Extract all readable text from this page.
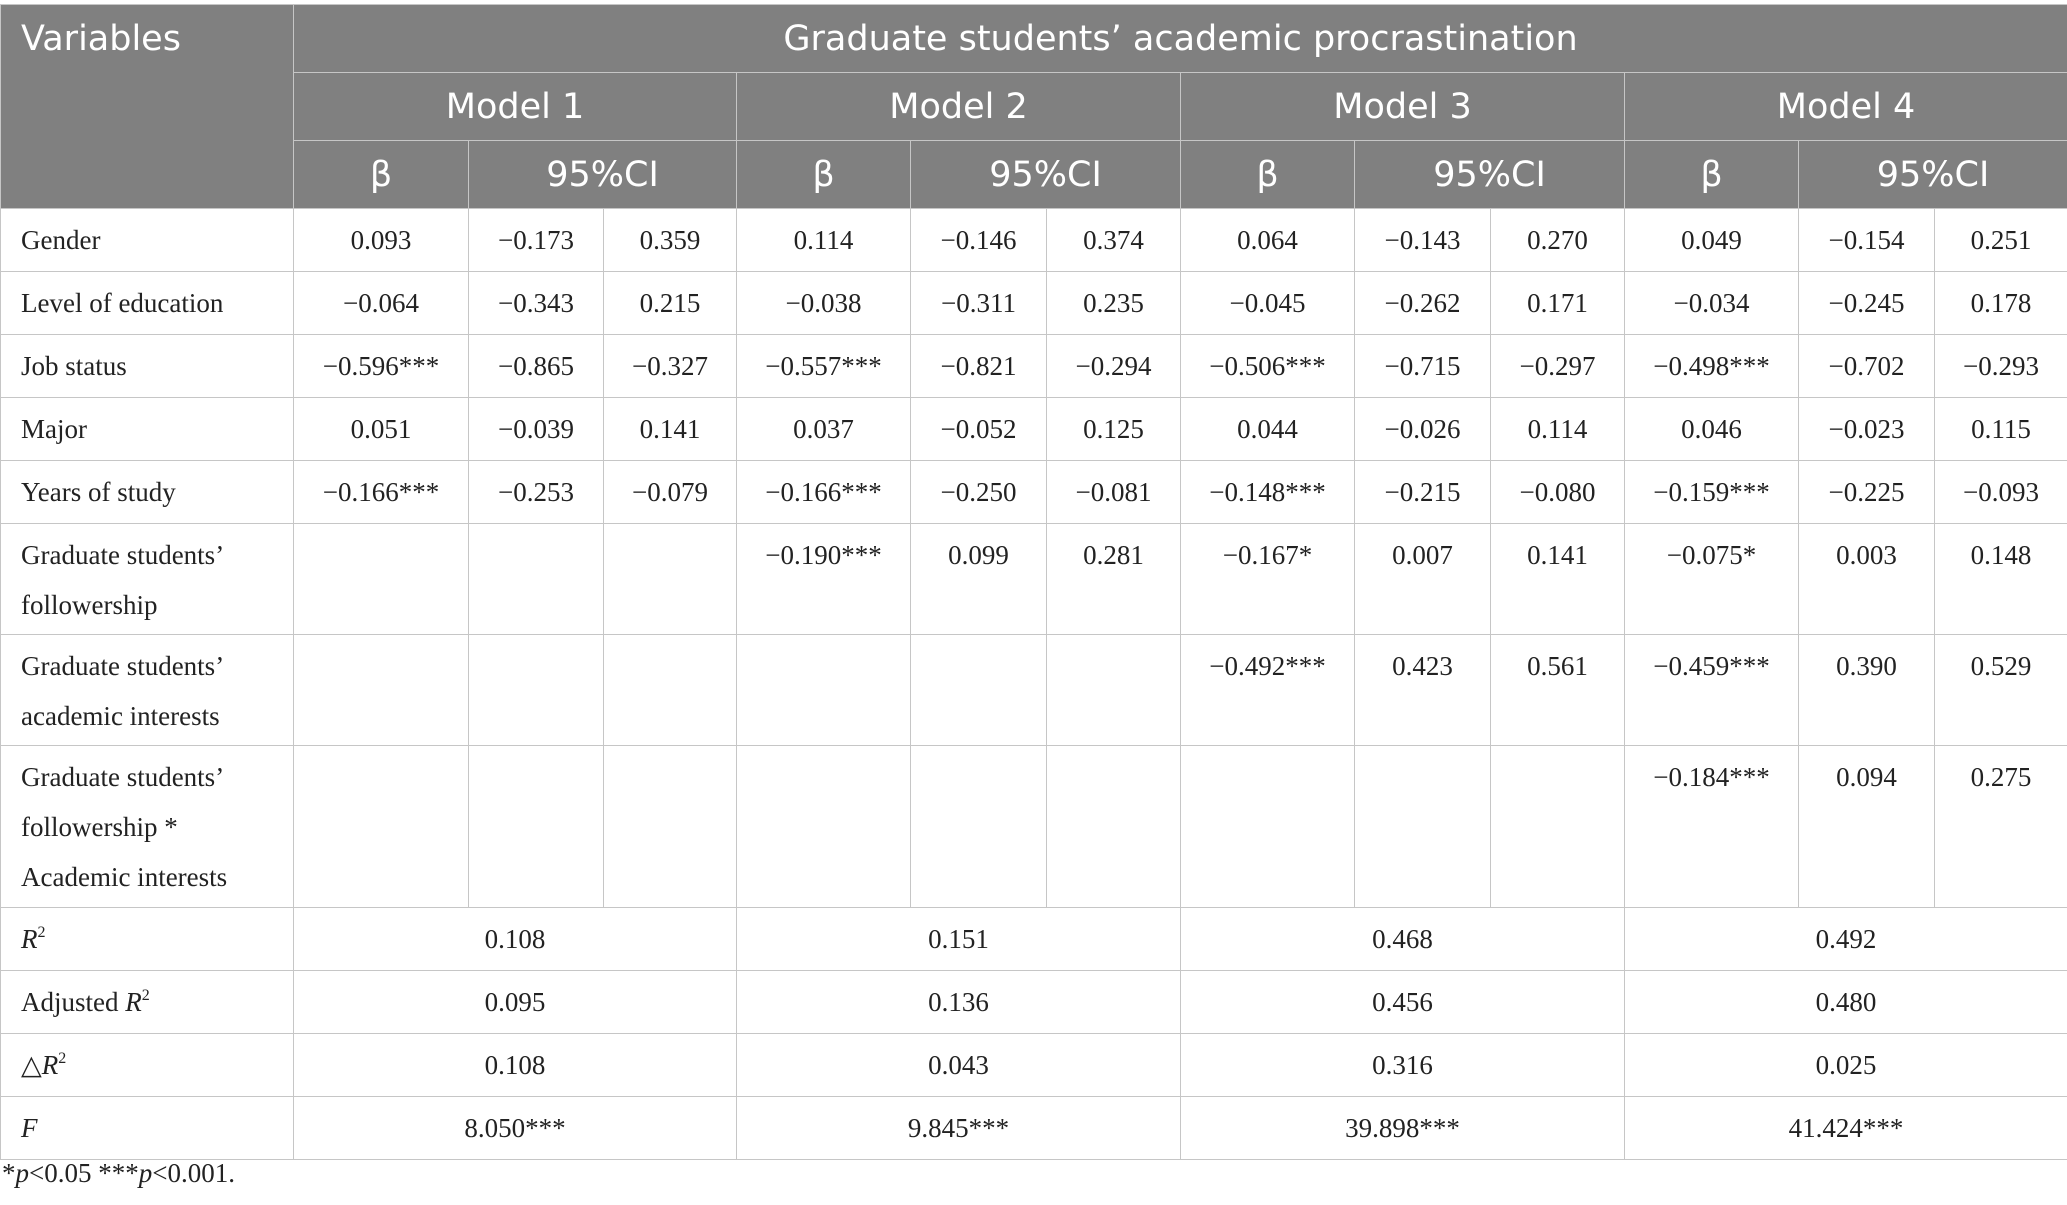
Variables	Graduate students’ academic procrastination											
	Model 1			Model 2			Model 3			Model 4		
	β	95%CI		β	95%CI		β	95%CI		β	95%CI	
Gender	0.093	−0.173	0.359	0.114	−0.146	0.374	0.064	−0.143	0.270	0.049	−0.154	0.251
Level of education	−0.064	−0.343	0.215	−0.038	−0.311	0.235	−0.045	−0.262	0.171	−0.034	−0.245	0.178
Job status	−0.596***	−0.865	−0.327	−0.557***	−0.821	−0.294	−0.506***	−0.715	−0.297	−0.498***	−0.702	−0.293
Major	0.051	−0.039	0.141	0.037	−0.052	0.125	0.044	−0.026	0.114	0.046	−0.023	0.115
Years of study	−0.166***	−0.253	−0.079	−0.166***	−0.250	−0.081	−0.148***	−0.215	−0.080	−0.159***	−0.225	−0.093

Graduate students’
followership				−0.190***	0.099	0.281	−0.167*	0.007	0.141	−0.075*	0.003	0.148

Graduate students’
academic interests							−0.492***	0.423	0.561	−0.459***	0.390	0.529

Graduate students’
followership *
Academic interests										−0.184***	0.094	0.275
$R^2$	0.108			0.151			0.468			0.492		
Adjusted $R^2$	0.095			0.136			0.456			0.480		
$\triangle R^2$	0.108			0.043			0.316			0.025		
F	8.050***			9.845***			39.898***			41.424***		
*p<0.05 ***p<0.001.
